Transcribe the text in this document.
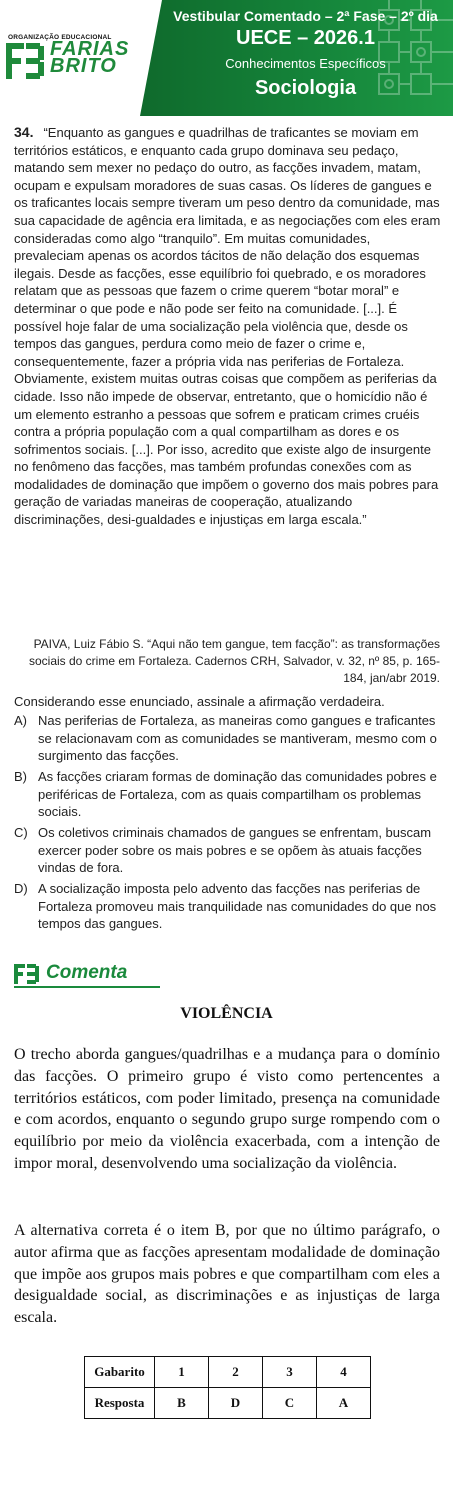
ORGANIZAÇÃO EDUCACIONAL
FARIAS
BRITO
Vestibular Comentado – 2ª Fase – 2º dia
UECE – 2026.1
Conhecimentos Específicos
Sociologia
34. “Enquanto as gangues e quadrilhas de traficantes se moviam em territórios estáticos, e enquanto cada grupo dominava seu pedaço, matando sem mexer no pedaço do outro, as facções invadem, matam, ocupam e expulsam moradores de suas casas. Os líderes de gangues e os traficantes locais sempre tiveram um peso dentro da comunidade, mas sua capacidade de agência era limitada, e as negociações com eles eram consideradas como algo “tranquilo”. Em muitas comunidades, prevaleciam apenas os acordos tácitos de não delação dos esquemas ilegais. Desde as facções, esse equilíbrio foi quebrado, e os moradores relatam que as pessoas que fazem o crime querem “botar moral” e determinar o que pode e não pode ser feito na comunidade. [...]. É possível hoje falar de uma socialização pela violência que, desde os tempos das gangues, perdura como meio de fazer o crime e, consequentemente, fazer a própria vida nas periferias de Fortaleza. Obviamente, existem muitas outras coisas que compõem as periferias da cidade. Isso não impede de observar, entretanto, que o homicídio não é um elemento estranho a pessoas que sofrem e praticam crimes cruéis contra a própria população com a qual compartilham as dores e os sofrimentos sociais. [...]. Por isso, acredito que existe algo de insurgente no fenômeno das facções, mas também profundas conexões com as modalidades de dominação que impõem o governo dos mais pobres para geração de variadas maneiras de cooperação, atualizando discriminações, desi-gualdades e injustiças em larga escala.”
PAIVA, Luiz Fábio S. “Aqui não tem gangue, tem facção”: as transformações sociais do crime em Fortaleza. Cadernos CRH, Salvador, v. 32, nº 85, p. 165-184, jan/abr 2019.
Considerando esse enunciado, assinale a afirmação verdadeira.
A) Nas periferias de Fortaleza, as maneiras como gangues e traficantes se relacionavam com as comunidades se mantiveram, mesmo com o surgimento das facções.
B) As facções criaram formas de dominação das comunidades pobres e periféricas de Fortaleza, com as quais compartilham os problemas sociais.
C) Os coletivos criminais chamados de gangues se enfrentam, buscam exercer poder sobre os mais pobres e se opõem às atuais facções vindas de fora.
D) A socialização imposta pelo advento das facções nas periferias de Fortaleza promoveu mais tranquilidade nas comunidades do que nos tempos das gangues.
Comenta
VIOLÊNCIA
O trecho aborda gangues/quadrilhas e a mudança para o domínio das facções. O primeiro grupo é visto como pertencentes a territórios estáticos, com poder limitado, presença na comunidade e com acordos, enquanto o segundo grupo surge rompendo com o equilíbrio por meio da violência exacerbada, com a intenção de impor moral, desenvolvendo uma socialização da violência.
A alternativa correta é o item B, por que no último parágrafo, o autor afirma que as facções apresentam modalidade de dominação que impõe aos grupos mais pobres e que compartilham com eles a desigualdade social, as discriminações e as injustiças de larga escala.
Gabarito	1	2	3	4
Resposta	B	D	C	A
